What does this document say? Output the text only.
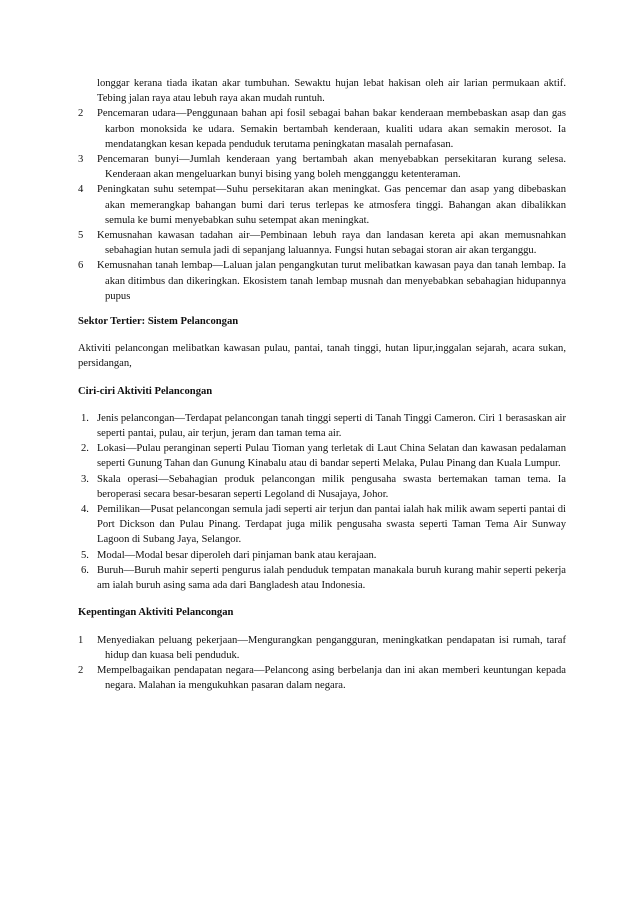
longgar kerana tiada ikatan akar tumbuhan. Sewaktu hujan lebat hakisan oleh air larian permukaan aktif. Tebing jalan raya atau lebuh raya akan mudah runtuh.
2 Pencemaran udara—Penggunaan bahan api fosil sebagai bahan bakar kenderaan membebaskan asap dan gas karbon monoksida ke udara. Semakin bertambah kenderaan, kualiti udara akan semakin merosot. Ia mendatangkan kesan kepada penduduk terutama peningkatan masalah pernafasan.
3 Pencemaran bunyi—Jumlah kenderaan yang bertambah akan menyebabkan persekitaran kurang selesa. Kenderaan akan mengeluarkan bunyi bising yang boleh mengganggu ketenteraman.
4 Peningkatan suhu setempat—Suhu persekitaran akan meningkat. Gas pencemar dan asap yang dibebaskan akan memerangkap bahangan bumi dari terus terlepas ke atmosfera tinggi. Bahangan akan dibalikkan semula ke bumi menyebabkan suhu setempat akan meningkat.
5 Kemusnahan kawasan tadahan air—Pembinaan lebuh raya dan landasan kereta api akan memusnahkan sebahagian hutan semula jadi di sepanjang laluannya. Fungsi hutan sebagai storan air akan terganggu.
6 Kemusnahan tanah lembap—Laluan jalan pengangkutan turut melibatkan kawasan paya dan tanah lembap. Ia akan ditimbus dan dikeringkan. Ekosistem tanah lembap musnah dan menyebabkan sebahagian hidupannya pupus
Sektor Tertier: Sistem Pelancongan
Aktiviti pelancongan melibatkan kawasan pulau, pantai, tanah tinggi, hutan lipur,inggalan sejarah, acara sukan, persidangan,
Ciri-ciri Aktiviti Pelancongan
1. Jenis pelancongan—Terdapat pelancongan tanah tinggi seperti di Tanah Tinggi Cameron. Ciri 1 berasaskan air seperti pantai, pulau, air terjun, jeram dan taman tema air.
2. Lokasi—Pulau peranginan seperti Pulau Tioman yang terletak di Laut China Selatan dan kawasan pedalaman seperti Gunung Tahan dan Gunung Kinabalu atau di bandar seperti Melaka, Pulau Pinang dan Kuala Lumpur.
3. Skala operasi—Sebahagian produk pelancongan milik pengusaha swasta bertemakan taman tema. Ia beroperasi secara besar-besaran seperti Legoland di Nusajaya, Johor.
4. Pemilikan—Pusat pelancongan semula jadi seperti air terjun dan pantai ialah hak milik awam seperti pantai di Port Dickson dan Pulau Pinang. Terdapat juga milik pengusaha swasta seperti Taman Tema Air Sunway Lagoon di Subang Jaya, Selangor.
5. Modal—Modal besar diperoleh dari pinjaman bank atau kerajaan.
6. Buruh—Buruh mahir seperti pengurus ialah penduduk tempatan manakala buruh kurang mahir seperti pekerja am ialah buruh asing sama ada dari Bangladesh atau Indonesia.
Kepentingan Aktiviti Pelancongan
1 Menyediakan peluang pekerjaan—Mengurangkan pengangguran, meningkatkan pendapatan isi rumah, taraf hidup dan kuasa beli penduduk.
2 Mempelbagaikan pendapatan negara—Pelancong asing berbelanja dan ini akan memberi keuntungan kepada negara. Malahan ia mengukuhkan pasaran dalam negara.
